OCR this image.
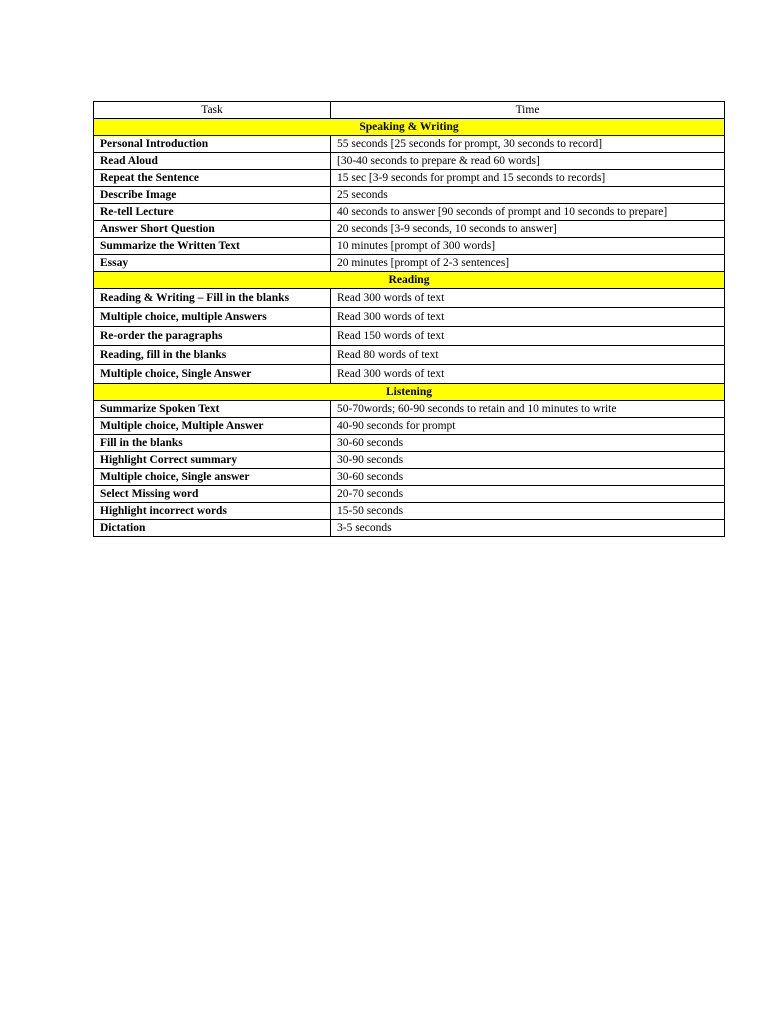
Task	Time
Speaking & Writing	
Personal Introduction	55 seconds [25 seconds for prompt, 30 seconds to record]
Read Aloud	[30-40 seconds to prepare & read 60 words]
Repeat the Sentence	15 sec [3-9 seconds for prompt and 15 seconds to records]
Describe Image	25 seconds
Re-tell Lecture	40 seconds to answer [90 seconds of prompt and 10 seconds to prepare]
Answer Short Question	20 seconds [3-9 seconds, 10 seconds to answer]
Summarize the Written Text	10 minutes [prompt of 300 words]
Essay	20 minutes [prompt of 2-3 sentences]
Reading	
Reading & Writing – Fill in the blanks	Read 300 words of text
Multiple choice, multiple Answers	Read 300 words of text
Re-order the paragraphs	Read 150 words of text
Reading, fill in the blanks	Read 80 words of text
Multiple choice, Single Answer	Read 300 words of text
Listening	
Summarize Spoken Text	50-70words; 60-90 seconds to retain and 10 minutes to write
Multiple choice, Multiple Answer	40-90 seconds for prompt
Fill in the blanks	30-60 seconds
Highlight Correct summary	30-90 seconds
Multiple choice, Single answer	30-60 seconds
Select Missing word	20-70 seconds
Highlight incorrect words	15-50 seconds
Dictation	3-5 seconds
